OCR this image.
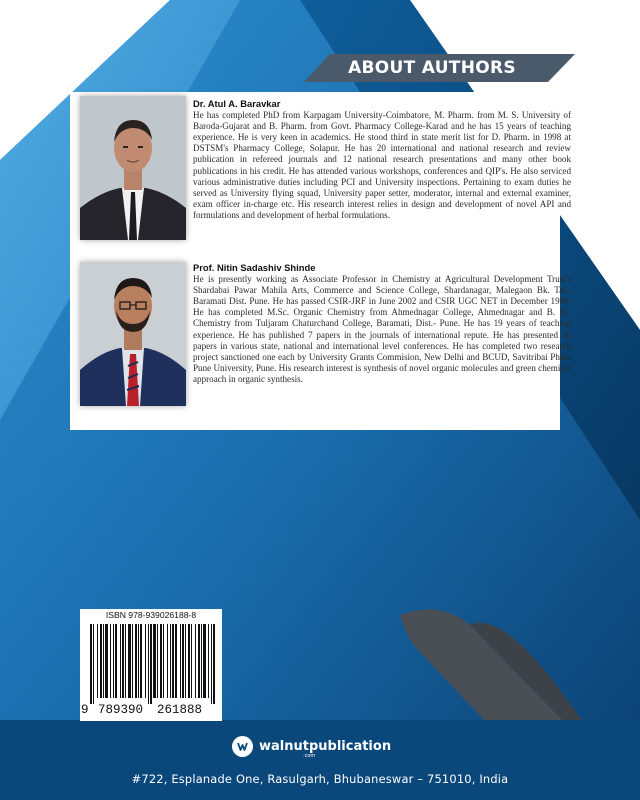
ABOUT AUTHORS
Dr. Atul A. Baravkar
He has completed PhD from Karpagam University-Coimbatore, M. Pharm. from M. S. University of Baroda-Gujarat and B. Pharm. from Govt. Pharmacy College-Karad and he has 15 years of teaching experience. He is very keen in academics. He stood third in state merit list for D. Pharm. in 1998 at DSTSM's Pharmacy College, Solapur. He has 20 international and national research and review publication in refereed journals and 12 national research presentations and many other book publications in his credit. He has attended various workshops, conferences and QIP's. He also serviced various administrative duties including PCI and University inspections. Pertaining to exam duties he served as University flying squad, University paper setter, moderator, internal and external examiner, exam officer in-charge etc. His research interest relies in design and development of novel API and formulations and development of herbal formulations.
Prof. Nitin Sadashiv Shinde
He is presently working as Associate Professor in Chemistry at Agricultural Development Trust's Shardabai Pawar Mahila Arts, Commerce and Science College, Shardanagar, Malegaon Bk. Tal.- Baramati Dist. Pune. He has passed CSIR-JRF in June 2002 and CSIR UGC NET in December 1999. He has completed M.Sc. Organic Chemistry from Ahmednagar College, Ahmednagar and B. Sc. Chemistry from Tuljaram Chaturchand College, Baramati, Dist.- Pune. He has 19 years of teaching experience. He has published 7 papers in the journals of international repute. He has presented 10 papers in various state, national and international level conferences. He has completed two research project sanctioned one each by University Grants Commision, New Delhi and BCUD, Savitribai Phule Pune University, Pune. His research interest is synthesis of novel organic molecules and green chemical approach in organic synthesis.
ISBN 978-939026188-8
9 789390 261888
walnutpublication
.com
#722, Esplanade One, Rasulgarh, Bhubaneswar – 751010, India
